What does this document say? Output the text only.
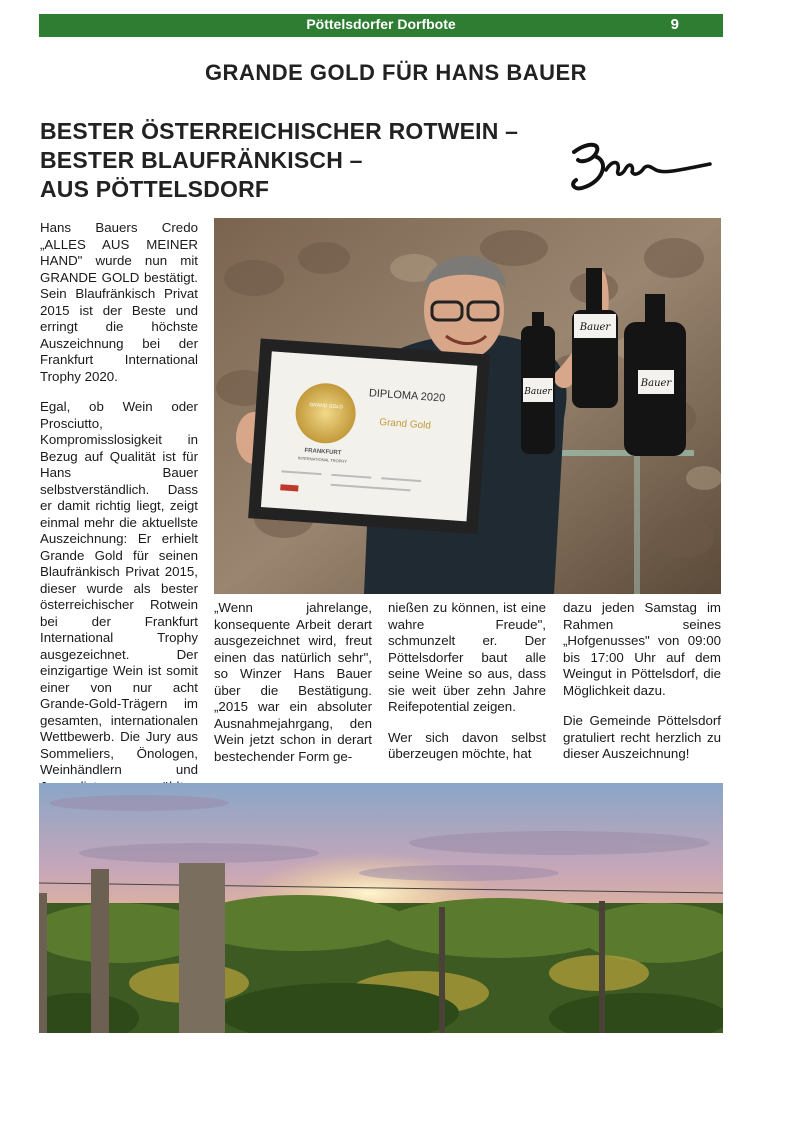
Pöttelsdorfer Dorfbote	9
GRANDE GOLD FÜR HANS BAUER
BESTER ÖSTERREICHISCHER ROTWEIN –
BESTER BLAUFRÄNKISCH –
AUS PÖTTELSDORF

Hans Bauers Credo „ALLES AUS MEINER HAND" wurde nun mit GRANDE GOLD bestätigt. Sein Blaufränkisch Privat 2015 ist der Beste und erringt die höchste Auszeichnung bei der Frankfurt International Trophy 2020.

Egal, ob Wein oder Prosciutto, Kompromisslosigkeit in Bezug auf Qualität ist für Hans Bauer selbstverständlich. Dass er damit richtig liegt, zeigt einmal mehr die aktuellste Auszeichnung: Er erhielt Grande Gold für seinen Blaufränkisch Privat 2015, dieser wurde als bester österreichischer Rotwein bei der Frankfurt International Trophy ausgezeichnet. Der einzigartige Wein ist somit einer von nur acht Grande-Gold-Trägern im gesamten, internationalen Wettbewerb. Die Jury aus Sommeliers, Önologen, Weinhändlern und

DIPLOMA 2020
Grand Gold
GRAND GOLD
FRANKFURT
INTERNATIONAL TROPHY
Bauer
Bauer
Bauer

„Wenn jahrelange, konsequente Arbeit derart ausgezeichnet wird, freut einen das natürlich sehr", so Winzer Hans Bauer über die Bestätigung. „2015 war ein absoluter Ausnahmejahrgang, den Wein jetzt schon in derart bestechender Form ge-

nießen zu können, ist eine wahre Freude", schmunzelt er. Der Pöttelsdorfer baut alle seine Weine so aus, dass sie weit über zehn Jahre Reifepotential zeigen.

Wer sich davon selbst überzeugen möchte, hat

dazu jeden Samstag im Rahmen seines „Hofgenusses" von 09:00 bis 17:00 Uhr auf dem Weingut in Pöttelsdorf, die Möglichkeit dazu.

Die Gemeinde Pöttelsdorf gratuliert recht herzlich zu dieser Auszeichnung!
